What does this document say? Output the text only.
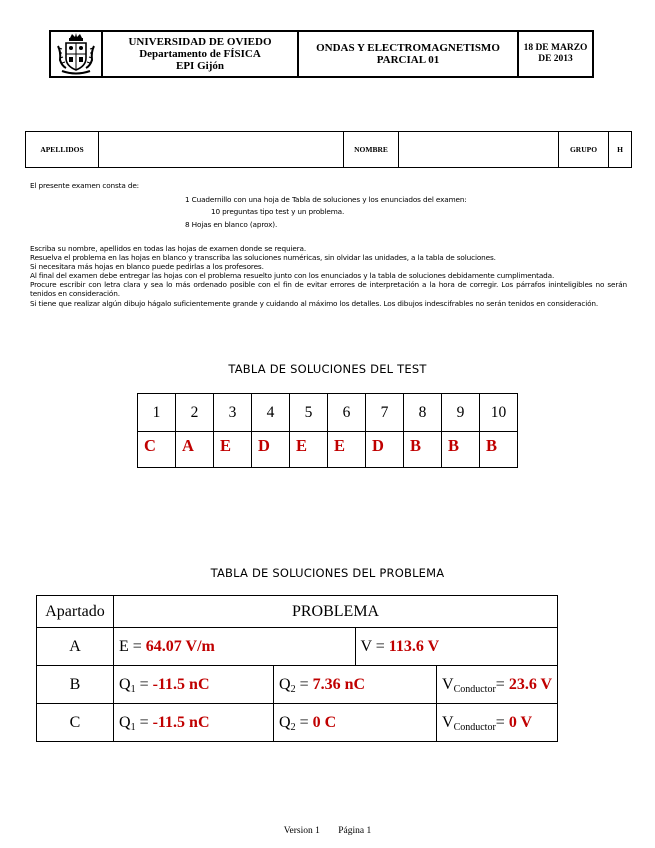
UNIVERSIDAD DE OVIEDO
Departamento de FÍSICA
EPI Gijón

ONDAS Y ELECTROMAGNETISMO
PARCIAL 01

18 DE MARZO
DE 2013
APELLIDOS		NOMBRE		GRUPO	H
El presente examen consta de:
1 Cuadernillo con una hoja de Tabla de soluciones y los enunciados del examen:
10 preguntas tipo test y un problema.
8 Hojas en blanco (aprox).

Escriba su nombre, apellidos en todas las hojas de examen donde se requiera.

Resuelva el problema en las hojas en blanco y transcriba las soluciones numéricas, sin olvidar las unidades, a la tabla de soluciones.

Si necesitara más hojas en blanco puede pedirlas a los profesores.

Al final del examen debe entregar las hojas con el problema resuelto junto con los enunciados y la tabla de soluciones debidamente cumplimentada.

Procure escribir con letra clara y sea lo más ordenado posible con el fin de evitar errores de interpretación a la hora de corregir. Los párrafos ininteligibles no serán tenidos en consideración.

Si tiene que realizar algún dibujo hágalo suficientemente grande y cuidando al máximo los detalles. Los dibujos indescifrables no serán tenidos en consideración.

TABLA DE SOLUCIONES DEL TEST
1	2	3	4	5	6	7	8	9	10
C	A	E	D	E	E	D	B	B	B
TABLA DE SOLUCIONES DEL PROBLEMA
Apartado	PROBLEMA			
A	E = 64.07 V/m		V = 113.6 V	
B	$Q_1 = -11.5$ nC	$Q_2 = 7.36$ nC		$V_{Conductor}= 23.6$ V
C	$Q_1 = -11.5$ nC	$Q_2 = 0$ C		$V_{Conductor}= 0$ V
Version 1 Página 1
